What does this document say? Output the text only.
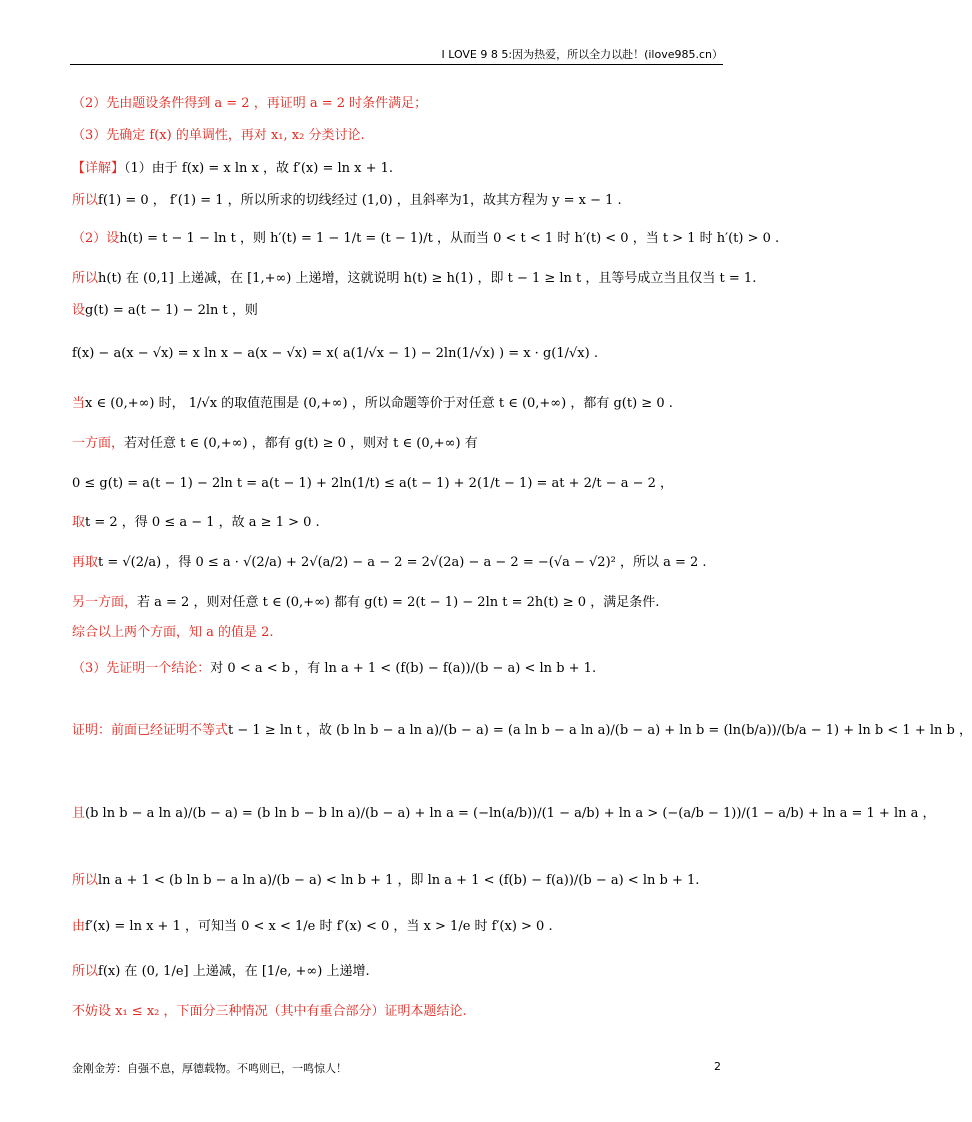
I LOVE 9 8 5:因为热爱，所以全力以赴！(ilove985.cn）
（2）先由题设条件得到 a = 2 ，再证明 a = 2 时条件满足；
（3）先确定 f(x) 的单调性，再对 x₁, x₂ 分类讨论.
【详解】（1）由于 f(x) = x ln x ，故 f′(x) = ln x + 1.
所以f(1) = 0 ， f′(1) = 1 ，所以所求的切线经过 (1,0) ，且斜率为1，故其方程为 y = x − 1 .
（2）设h(t) = t − 1 − ln t ，则 h′(t) = 1 − 1/t = (t − 1)/t ，从而当 0 < t < 1 时 h′(t) < 0 ，当 t > 1 时 h′(t) > 0 .
所以h(t) 在 (0,1] 上递减，在 [1,+∞) 上递增，这就说明 h(t) ≥ h(1) ，即 t − 1 ≥ ln t ，且等号成立当且仅当 t = 1.
设g(t) = a(t − 1) − 2ln t ，则
f(x) − a(x − √x) = x ln x − a(x − √x) = x( a(1/√x − 1) − 2ln(1/√x) ) = x · g(1/√x) .
当x ∈ (0,+∞) 时， 1/√x 的取值范围是 (0,+∞) ，所以命题等价于对任意 t ∈ (0,+∞) ，都有 g(t) ≥ 0 .
一方面，若对任意 t ∈ (0,+∞) ，都有 g(t) ≥ 0 ，则对 t ∈ (0,+∞) 有
0 ≤ g(t) = a(t − 1) − 2ln t = a(t − 1) + 2ln(1/t) ≤ a(t − 1) + 2(1/t − 1) = at + 2/t − a − 2 ，
取t = 2 ，得 0 ≤ a − 1 ，故 a ≥ 1 > 0 .
再取t = √(2/a) ，得 0 ≤ a · √(2/a) + 2√(a/2) − a − 2 = 2√(2a) − a − 2 = −(√a − √2)² ，所以 a = 2 .
另一方面，若 a = 2 ，则对任意 t ∈ (0,+∞) 都有 g(t) = 2(t − 1) − 2ln t = 2h(t) ≥ 0 ，满足条件.
综合以上两个方面，知 a 的值是 2.
（3）先证明一个结论：对 0 < a < b ，有 ln a + 1 < (f(b) − f(a))/(b − a) < ln b + 1.
证明：前面已经证明不等式t − 1 ≥ ln t ，故 (b ln b − a ln a)/(b − a) = (a ln b − a ln a)/(b − a) + ln b = (ln(b/a))/(b/a − 1) + ln b < 1 + ln b ，
且(b ln b − a ln a)/(b − a) = (b ln b − b ln a)/(b − a) + ln a = (−ln(a/b))/(1 − a/b) + ln a > (−(a/b − 1))/(1 − a/b) + ln a = 1 + ln a ，
所以ln a + 1 < (b ln b − a ln a)/(b − a) < ln b + 1 ，即 ln a + 1 < (f(b) − f(a))/(b − a) < ln b + 1.
由f′(x) = ln x + 1 ，可知当 0 < x < 1/e 时 f′(x) < 0 ，当 x > 1/e 时 f′(x) > 0 .
所以f(x) 在 (0, 1/e] 上递减，在 [1/e, +∞) 上递增.
不妨设 x₁ ≤ x₂ ，下面分三种情况（其中有重合部分）证明本题结论.
金刚金芳：自强不息，厚德载物。不鸣则已，一鸣惊人！	2
